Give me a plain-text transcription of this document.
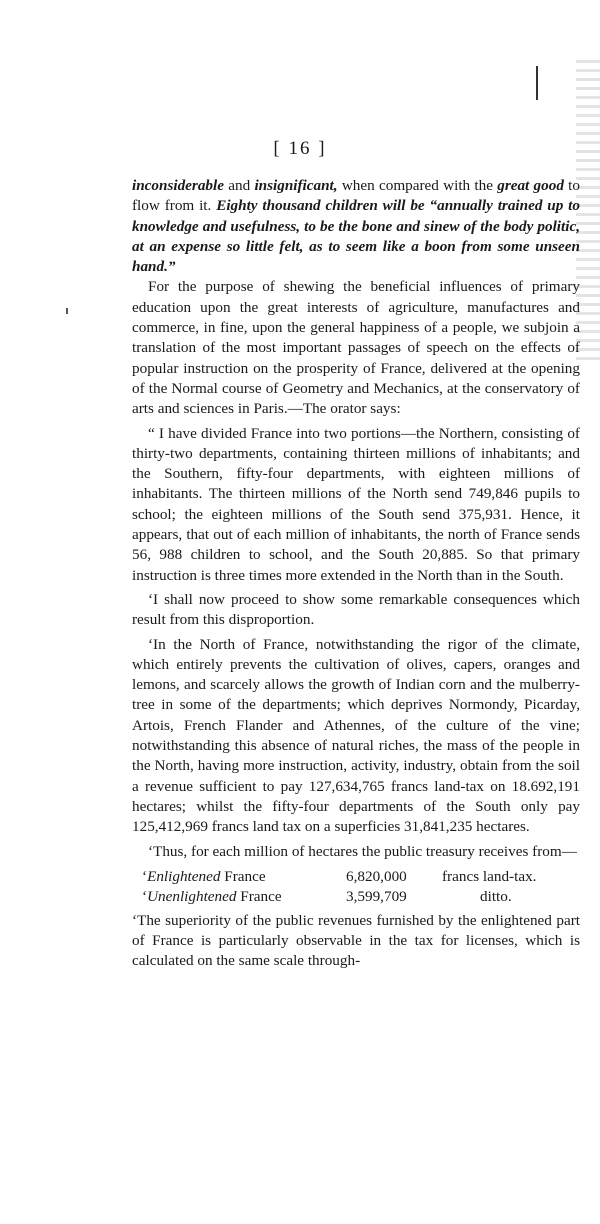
[ 16 ]

inconsiderable and insignificant, when compared with the great good to flow from it. Eighty thousand children will be “annually trained up to knowledge and usefulness, to be the bone and sinew of the body politic, at an expense so little felt, as to seem like a boon from some unseen hand.”

For the purpose of shewing the beneficial influences of primary education upon the great interests of agriculture, manufactures and commerce, in fine, upon the general happiness of a people, we subjoin a translation of the most important passages of speech on the effects of popular instruction on the prosperity of France, delivered at the opening of the Normal course of Geometry and Mechanics, at the conservatory of arts and sciences in Paris.—The orator says:

“ I have divided France into two portions—the Northern, consisting of thirty-two departments, containing thirteen millions of inhabitants; and the Southern, fifty-four departments, with eighteen millions of inhabitants. The thirteen millions of the North send 749,846 pupils to school; the eighteen millions of the South send 375,931. Hence, it appears, that out of each million of inhabitants, the north of France sends 56, 988 children to school, and the South 20,885. So that primary instruction is three times more extended in the North than in the South.

‘I shall now proceed to show some remarkable consequences which result from this disproportion.

‘In the North of France, notwithstanding the rigor of the climate, which entirely prevents the cultivation of olives, capers, oranges and lemons, and scarcely allows the growth of Indian corn and the mulberry-tree in some of the departments; which deprives Normondy, Picarday, Artois, French Flander and Athennes, of the culture of the vine; notwithstanding this absence of natural riches, the mass of the people in the North, having more instruction, activity, industry, obtain from the soil a revenue sufficient to pay 127,634,765 francs land-tax on 18.692,191 hectares; whilst the fifty-four departments of the South only pay 125,412,969 francs land tax on a superficies 31,841,235 hectares.

‘Thus, for each million of hectares the public treasury receives from—

‘Enlightened France	6,820,000	francs land-tax.
‘Unenlightened France	3,599,709	ditto.

‘The superiority of the public revenues furnished by the enlightened part of France is particularly observable in the tax for licenses, which is calculated on the same scale through-
